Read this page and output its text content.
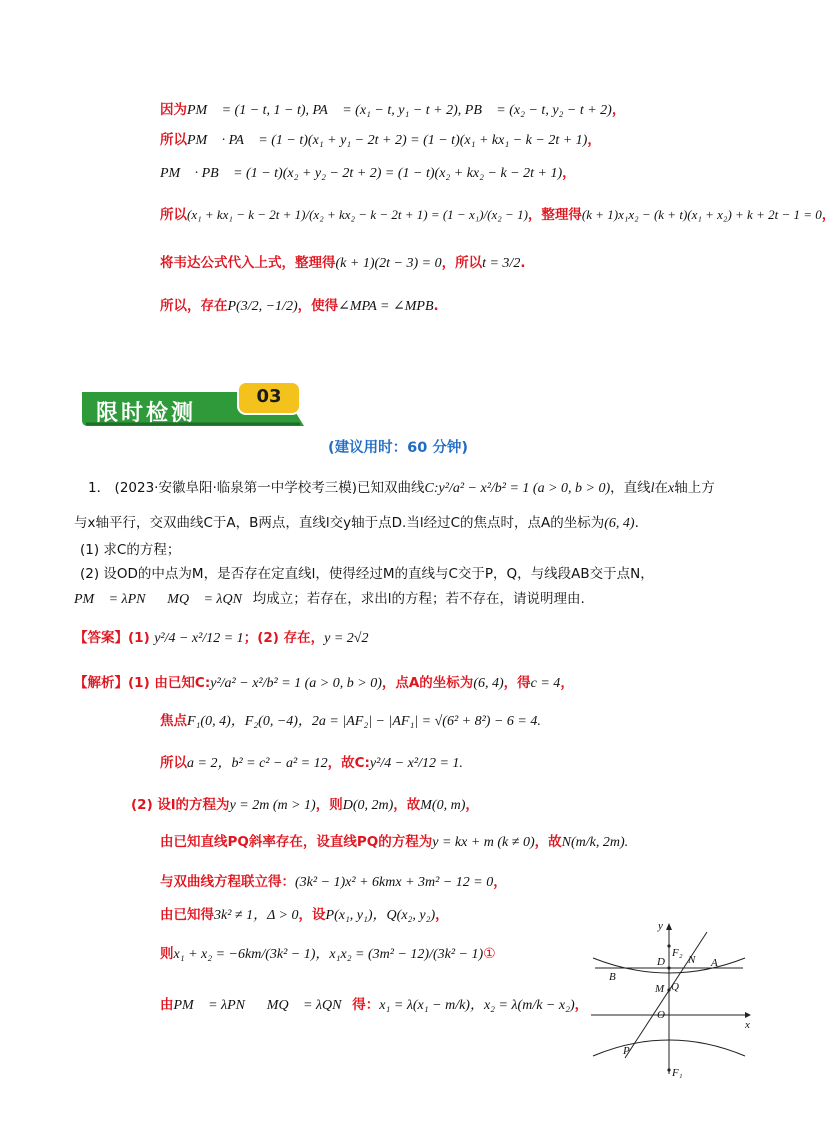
因为PM⃗ = (1 − t, 1 − t), PA⃗ = (x₁ − t, y₁ − t + 2), PB⃗ = (x₂ − t, y₂ − t + 2)，
所以PM⃗ · PA⃗ = (1 − t)(x₁ + y₁ − 2t + 2) = (1 − t)(x₁ + kx₁ − k − 2t + 1)，
PM⃗ · PB⃗ = (1 − t)(x₂ + y₂ − 2t + 2) = (1 − t)(x₂ + kx₂ − k − 2t + 1)，
所以(x₁ + kx₁ − k − 2t + 1)/(x₂ + kx₂ − k − 2t + 1) = (1 − x₁)/(x₂ − 1)，整理得(k + 1)x₁x₂ − (k + t)(x₁ + x₂) + k + 2t − 1 = 0，
将韦达公式代入上式，整理得(k + 1)(2t − 3) = 0，所以t = 3/2.
所以，存在P(3/2, −1/2)，使得∠MPA = ∠MPB.
限时检测
03
(建议用时：60 分钟)
1． (2023·安徽阜阳·临泉第一中学校考三模)已知双曲线C:y²/a² − x²/b² = 1 (a > 0, b > 0)，直线l在x轴上方
与x轴平行，交双曲线C于A，B两点，直线l交y轴于点D.当l经过C的焦点时，点A的坐标为(6, 4).
(1) 求C的方程；
(2) 设OD的中点为M，是否存在定直线l，使得经过M的直线与C交于P，Q，与线段AB交于点N，
PM⃗ = λPN⃗，MQ⃗ = λQN⃗均成立；若存在，求出l的方程；若不存在，请说明理由.
【答案】(1) y²/4 − x²/12 = 1；(2) 存在，y = 2√2
【解析】(1) 由已知C:y²/a² − x²/b² = 1 (a > 0, b > 0)，点A的坐标为(6, 4)，得c = 4，
焦点F₁(0, 4)，F₂(0, −4)，2a = |AF₂| − |AF₁| = √(6² + 8²) − 6 = 4.
所以a = 2，b² = c² − a² = 12，故C:y²/4 − x²/12 = 1.
(2) 设l的方程为y = 2m (m > 1)，则D(0, 2m)，故M(0, m)，
由已知直线PQ斜率存在，设直线PQ的方程为y = kx + m (k ≠ 0)，故N(m/k, 2m).
与双曲线方程联立得：(3k² − 1)x² + 6kmx + 3m² − 12 = 0，
由已知得3k² ≠ 1，Δ > 0，设P(x₁, y₁)，Q(x₂, y₂)，
则x₁ + x₂ = −6km/(3k² − 1)，x₁x₂ = (3m² − 12)/(3k² − 1)①
由PM⃗ = λPN⃗，MQ⃗ = λQN⃗得：x₁ = λ(x₁ − m/k)，x₂ = λ(m/k − x₂)，
y
x
F₂
N
D	A
B
M Q
O
P
F₁
